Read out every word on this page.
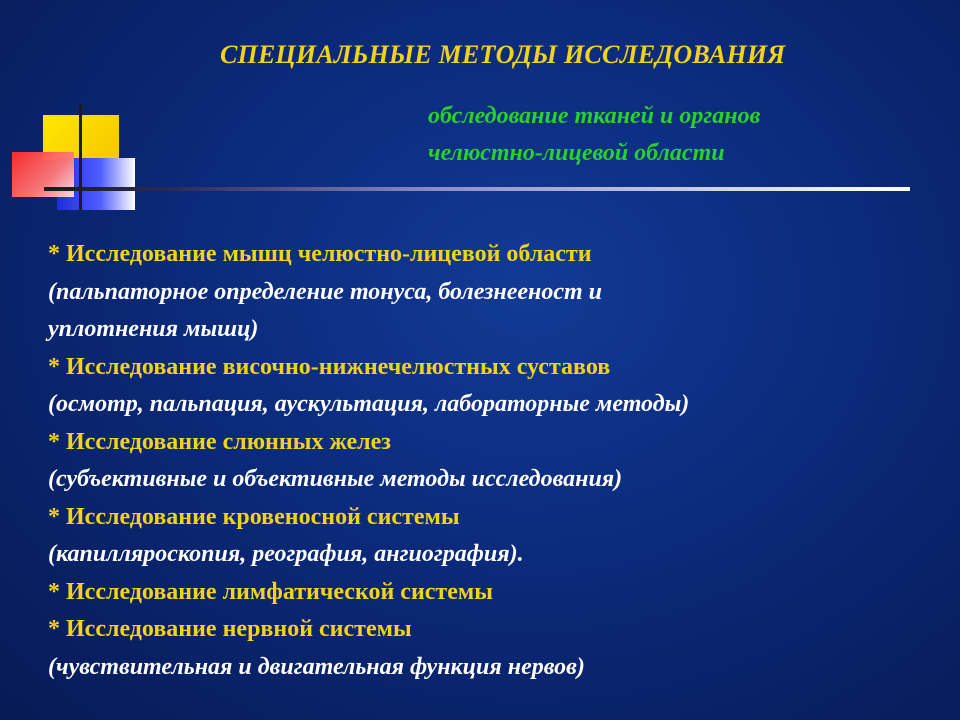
СПЕЦИАЛЬНЫЕ МЕТОДЫ ИССЛЕДОВАНИЯ
обследование тканей и органов
челюстно-лицевой области
* Исследование мышц челюстно-лицевой области
(пальпаторное определение тонуса, болезнееност и
уплотнения мышц)
* Исследование височно-нижнечелюстных суставов
(осмотр, пальпация, аускультация, лабораторные методы)
* Исследование слюнных желез
(субъективные и объективные методы исследования)
* Исследование кровеносной системы
(капилляроскопия, реография, ангиография).
* Исследование лимфатической системы
* Исследование нервной системы
(чувствительная и двигательная функция нервов)
